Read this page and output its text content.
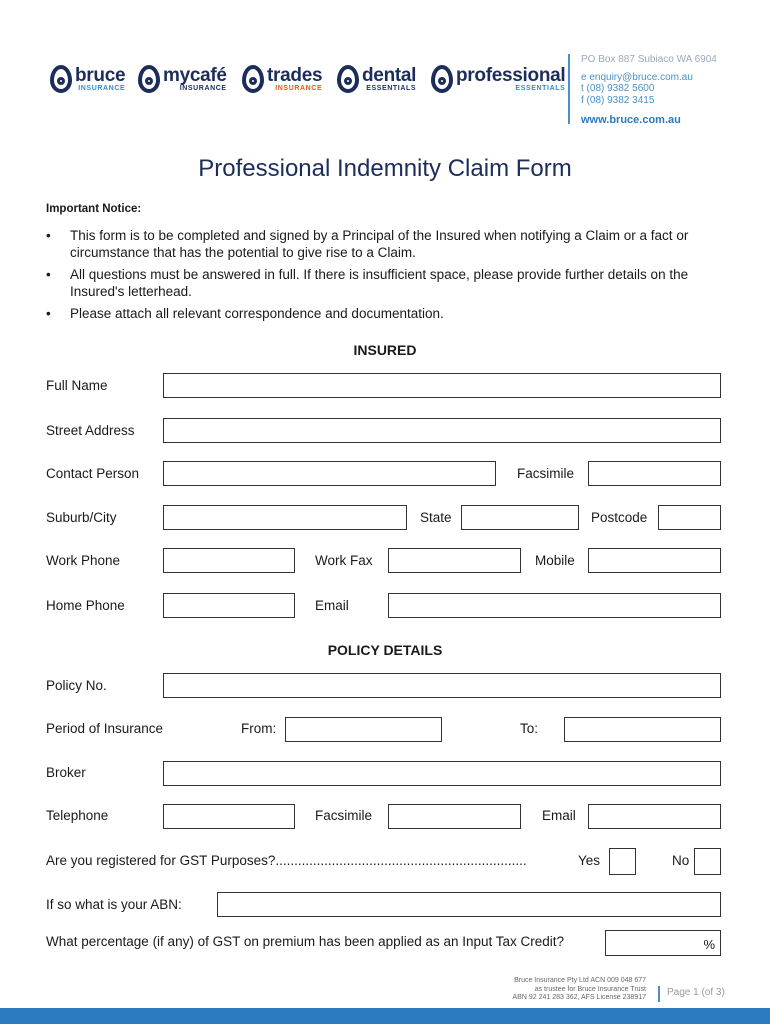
bruce
INSURANCE
mycafé
INSURANCE
trades
INSURANCE
dental
ESSENTIALS
professional
ESSENTIALS
PO Box 887 Subiaco WA 6904
e enquiry@bruce.com.au
t (08) 9382 5600
f (08) 9382 3415
www.bruce.com.au
Professional Indemnity Claim Form
Important Notice:
• This form is to be completed and signed by a Principal of the Insured when notifying a Claim or a fact or circumstance that has the potential to give rise to a Claim.
• All questions must be answered in full. If there is insufficient space, please provide further details on the Insured's letterhead.
• Please attach all relevant correspondence and documentation.
INSURED
Full Name
Street Address
Contact Person	Facsimile
Suburb/City	State	Postcode
Work Phone	Work Fax	Mobile
Home Phone	Email
POLICY DETAILS
Policy No.
Period of Insurance	From:	To:
Broker
Telephone	Facsimile	Email
Are you registered for GST Purposes?...................................................................	Yes	No
If so what is your ABN:
What percentage (if any) of GST on premium has been applied as an Input Tax Credit?	%
Bruce Insurance Pty Ltd ACN 009 048 677
as trustee for Bruce Insurance Trust
ABN 92 241 283 362, AFS License 238917 Page 1 (of 3)
